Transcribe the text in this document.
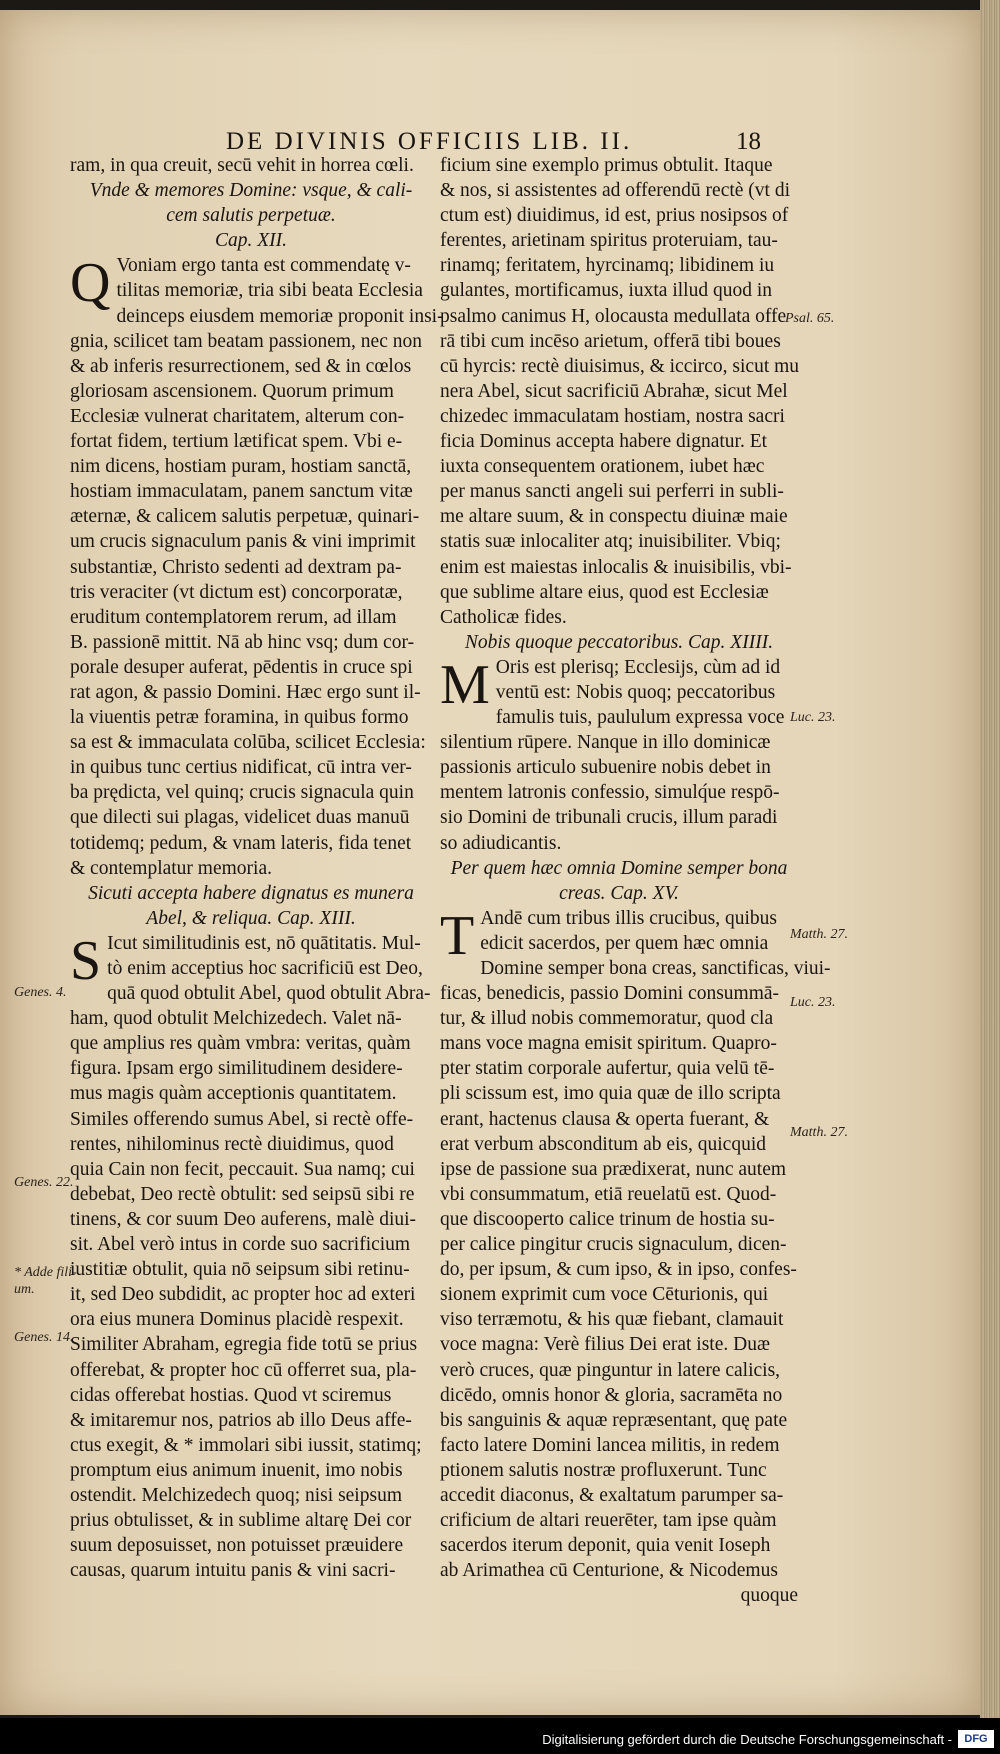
DE DIVINIS OFFICIIS LIB. II.	18
ram, in qua creuit, secū vehit in horrea cœli.
Vnde & memores Domine: vsque, & cali-
cem salutis perpetuæ.
Cap. XII.
Q Voniam ergo tanta est commendatę v-
tilitas memoriæ, tria sibi beata Ecclesia
deinceps eiusdem memoriæ proponit insi-
gnia, scilicet tam beatam passionem, nec non
& ab inferis resurrectionem, sed & in cœlos
gloriosam ascensionem. Quorum primum
Ecclesiæ vulnerat charitatem, alterum con-
fortat fidem, tertium lætificat spem. Vbi e-
nim dicens, hostiam puram, hostiam sanctā,
hostiam immaculatam, panem sanctum vitæ
æternæ, & calicem salutis perpetuæ, quinari-
um crucis signaculum panis & vini imprimit
substantiæ, Christo sedenti ad dextram pa-
tris veraciter (vt dictum est) concorporatæ,
eruditum contemplatorem rerum, ad illam
B. passionē mittit. Nā ab hinc vsq; dum cor-
porale desuper auferat, pēdentis in cruce spi
rat agon, & passio Domini. Hæc ergo sunt il-
la viuentis petræ foramina, in quibus formo
sa est & immaculata colūba, scilicet Ecclesia:
in quibus tunc certius nidificat, cū intra ver-
ba prędicta, vel quinq; crucis signacula quin
que dilecti sui plagas, videlicet duas manuū
totidemq; pedum, & vnam lateris, fida tenet
& contemplatur memoria.
Sicuti accepta habere dignatus es munera
Abel, & reliqua. Cap. XIII.
S Icut similitudinis est, nō quātitatis. Mul-
tò enim acceptius hoc sacrificiū est Deo,
quā quod obtulit Abel, quod obtulit Abra-
ham, quod obtulit Melchizedech. Valet nā-
que amplius res quàm vmbra: veritas, quàm
figura. Ipsam ergo similitudinem desidere-
mus magis quàm acceptionis quantitatem.
Similes offerendo sumus Abel, si rectè offe-
rentes, nihilominus rectè diuidimus, quod
quia Cain non fecit, peccauit. Sua namq; cui
debebat, Deo rectè obtulit: sed seipsū sibi re
tinens, & cor suum Deo auferens, malè diui-
sit. Abel verò intus in corde suo sacrificium
iustitiæ obtulit, quia nō seipsum sibi retinu-
it, sed Deo subdidit, ac propter hoc ad exteri
ora eius munera Dominus placidè respexit.
Similiter Abraham, egregia fide totū se prius
offerebat, & propter hoc cū offerret sua, pla-
cidas offerebat hostias. Quod vt sciremus
& imitaremur nos, patrios ab illo Deus affe-
ctus exegit, & * immolari sibi iussit, statimq;
promptum eius animum inuenit, imo nobis
ostendit. Melchizedech quoq; nisi seipsum
prius obtulisset, & in sublime altarę Dei cor
suum deposuisset, non potuisset præuidere
causas, quarum intuitu panis & vini sacri-
ficium sine exemplo primus obtulit. Itaque
& nos, si assistentes ad offerendū rectè (vt di
ctum est) diuidimus, id est, prius nosipsos of
ferentes, arietinam spiritus proteruiam, tau-
rinamq; feritatem, hyrcinamq; libidinem iu
gulantes, mortificamus, iuxta illud quod in
psalmo canimus H, olocausta medullata offe
rā tibi cum incēso arietum, offerā tibi boues
cū hyrcis: rectè diuisimus, & iccirco, sicut mu
nera Abel, sicut sacrificiū Abrahæ, sicut Mel
chizedec immaculatam hostiam, nostra sacri
ficia Dominus accepta habere dignatur. Et
iuxta consequentem orationem, iubet hæc
per manus sancti angeli sui perferri in subli-
me altare suum, & in conspectu diuinæ maie
statis suæ inlocaliter atq; inuisibiliter. Vbiq;
enim est maiestas inlocalis & inuisibilis, vbi-
que sublime altare eius, quod est Ecclesiæ
Catholicæ fides.
Nobis quoque peccatoribus. Cap. XIIII.
M Oris est plerisq; Ecclesijs, cùm ad id
ventū est: Nobis quoq; peccatoribus
famulis tuis, paululum expressa voce
silentium rūpere. Nanque in illo dominicæ
passionis articulo subuenire nobis debet in
mentem latronis confessio, simulq́ue respō-
sio Domini de tribunali crucis, illum paradi
so adiudicantis.
Per quem hæc omnia Domine semper bona
creas. Cap. XV.
T Andē cum tribus illis crucibus, quibus
edicit sacerdos, per quem hæc omnia
Domine semper bona creas, sanctificas, viui-
ficas, benedicis, passio Domini consummā-
tur, & illud nobis commemoratur, quod cla
mans voce magna emisit spiritum. Quapro-
pter statim corporale aufertur, quia velū tē-
pli scissum est, imo quia quæ de illo scripta
erant, hactenus clausa & operta fuerant, &
erat verbum absconditum ab eis, quicquid
ipse de passione sua prædixerat, nunc autem
vbi consummatum, etiā reuelatū est. Quod-
que discooperto calice trinum de hostia su-
per calice pingitur crucis signaculum, dicen-
do, per ipsum, & cum ipso, & in ipso, confes-
sionem exprimit cum voce Cēturionis, qui
viso terræmotu, & his quæ fiebant, clamauit
voce magna: Verè filius Dei erat iste. Duæ
verò cruces, quæ pinguntur in latere calicis,
dicēdo, omnis honor & gloria, sacramēta no
bis sanguinis & aquæ repræsentant, quę pate
facto latere Domini lancea militis, in redem
ptionem salutis nostræ profluxerunt. Tunc
accedit diaconus, & exaltatum parumper sa-
crificium de altari reuerēter, tam ipse quàm
sacerdos iterum deponit, quia venit Ioseph
ab Arimathea cū Centurione, & Nicodemus
quoque
Psal. 65.
Luc. 23.
Matth. 27.
Luc. 23.
Matth. 27.
Genes. 4.
Genes. 22.
* Adde fili-
um.
Genes. 14.
Digitalisierung gefördert durch die Deutsche Forschungsgemeinschaft -	DFG
